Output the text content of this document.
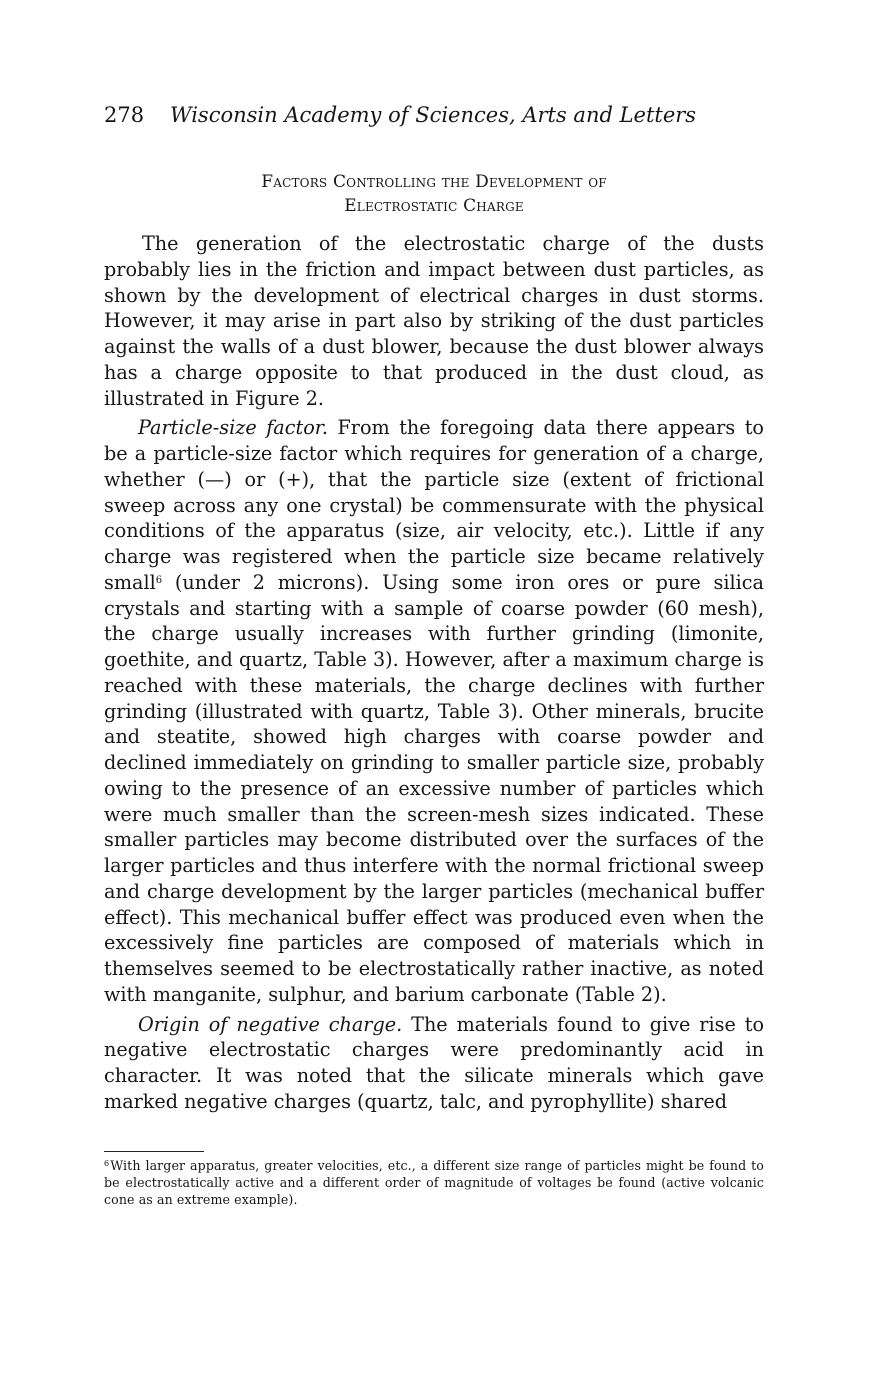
278 Wisconsin Academy of Sciences, Arts and Letters
Factors Controlling the Development of
Electrostatic Charge

The generation of the electrostatic charge of the dusts probably lies in the friction and impact between dust particles, as shown by the development of electrical charges in dust storms. However, it may arise in part also by striking of the dust particles against the walls of a dust blower, because the dust blower always has a charge opposite to that produced in the dust cloud, as illustrated in Figure 2.

Particle-size factor. From the foregoing data there appears to be a particle-size factor which requires for generation of a charge, whether (—) or (+), that the particle size (extent of frictional sweep across any one crystal) be commensurate with the physical conditions of the apparatus (size, air velocity, etc.). Little if any charge was registered when the particle size became relatively small$^6$ (under 2 microns). Using some iron ores or pure silica crystals and starting with a sample of coarse powder (60 mesh), the charge usually increases with further grinding (limonite, goethite, and quartz, Table 3). However, after a maximum charge is reached with these materials, the charge declines with further grinding (illustrated with quartz, Table 3). Other minerals, brucite and steatite, showed high charges with coarse powder and declined immediately on grinding to smaller particle size, probably owing to the presence of an excessive number of particles which were much smaller than the screen-mesh sizes indicated. These smaller particles may become distributed over the surfaces of the larger particles and thus interfere with the normal frictional sweep and charge development by the larger particles (mechanical buffer effect). This mechanical buffer effect was produced even when the excessively fine particles are composed of materials which in themselves seemed to be electrostatically rather inactive, as noted with manganite, sulphur, and barium carbonate (Table 2).

Origin of negative charge. The materials found to give rise to negative electrostatic charges were predominantly acid in character. It was noted that the silicate minerals which gave marked negative charges (quartz, talc, and pyrophyllite) shared

$^6$With larger apparatus, greater velocities, etc., a different size range of particles might be found to be electrostatically active and a different order of magnitude of voltages be found (active volcanic cone as an extreme example).
